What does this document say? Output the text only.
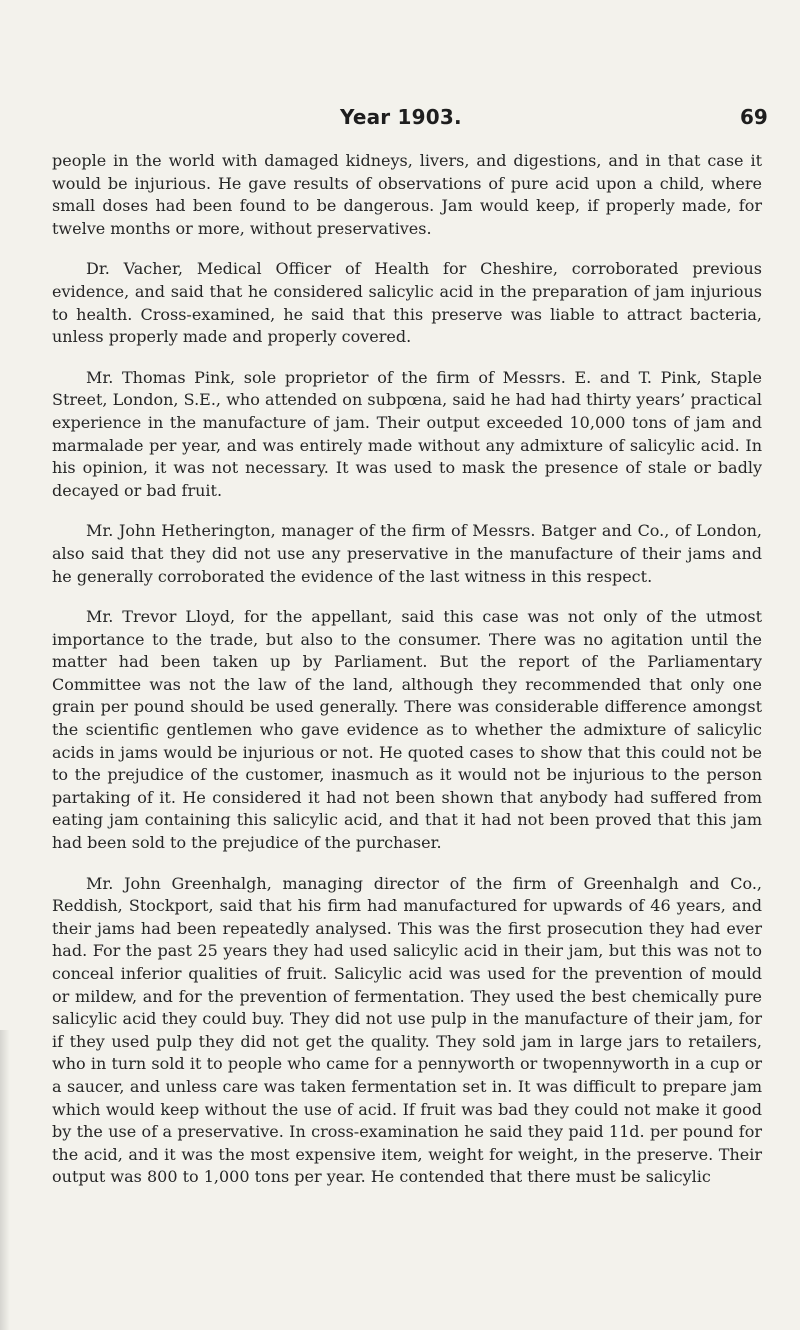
Year 1903.	69

people in the world with damaged kidneys, livers, and digestions, and in that case it would be injurious. He gave results of observations of pure acid upon a child, where small doses had been found to be dangerous. Jam would keep, if properly made, for twelve months or more, without preservatives.

Dr. Vacher, Medical Officer of Health for Cheshire, corroborated previous evidence, and said that he considered salicylic acid in the preparation of jam injurious to health. Cross-examined, he said that this preserve was liable to attract bacteria, unless properly made and properly covered.

Mr. Thomas Pink, sole proprietor of the firm of Messrs. E. and T. Pink, Staple Street, London, S.E., who attended on subpœna, said he had had thirty years’ practical experience in the manufacture of jam. Their output exceeded 10,000 tons of jam and marmalade per year, and was entirely made without any admixture of salicylic acid. In his opinion, it was not necessary. It was used to mask the presence of stale or badly decayed or bad fruit.

Mr. John Hetherington, manager of the firm of Messrs. Batger and Co., of London, also said that they did not use any preservative in the manufacture of their jams and he generally corroborated the evidence of the last witness in this respect.

Mr. Trevor Lloyd, for the appellant, said this case was not only of the utmost importance to the trade, but also to the consumer. There was no agitation until the matter had been taken up by Parliament. But the report of the Parliamentary Committee was not the law of the land, although they recommended that only one grain per pound should be used generally. There was considerable difference amongst the scientific gentlemen who gave evidence as to whether the admixture of salicylic acids in jams would be injurious or not. He quoted cases to show that this could not be to the prejudice of the customer, inasmuch as it would not be injurious to the person partaking of it. He considered it had not been shown that anybody had suffered from eating jam containing this salicylic acid, and that it had not been proved that this jam had been sold to the prejudice of the purchaser.

Mr. John Greenhalgh, managing director of the firm of Greenhalgh and Co., Reddish, Stockport, said that his firm had manufactured for upwards of 46 years, and their jams had been repeatedly analysed. This was the first prosecution they had ever had. For the past 25 years they had used salicylic acid in their jam, but this was not to conceal inferior qualities of fruit. Salicylic acid was used for the prevention of mould or mildew, and for the prevention of fermentation. They used the best chemically pure salicylic acid they could buy. They did not use pulp in the manufacture of their jam, for if they used pulp they did not get the quality. They sold jam in large jars to retailers, who in turn sold it to people who came for a pennyworth or twopennyworth in a cup or a saucer, and unless care was taken fermentation set in. It was difficult to prepare jam which would keep without the use of acid. If fruit was bad they could not make it good by the use of a preservative. In cross-examination he said they paid 11d. per pound for the acid, and it was the most expensive item, weight for weight, in the preserve. Their output was 800 to 1,000 tons per year. He contended that there must be salicylic
